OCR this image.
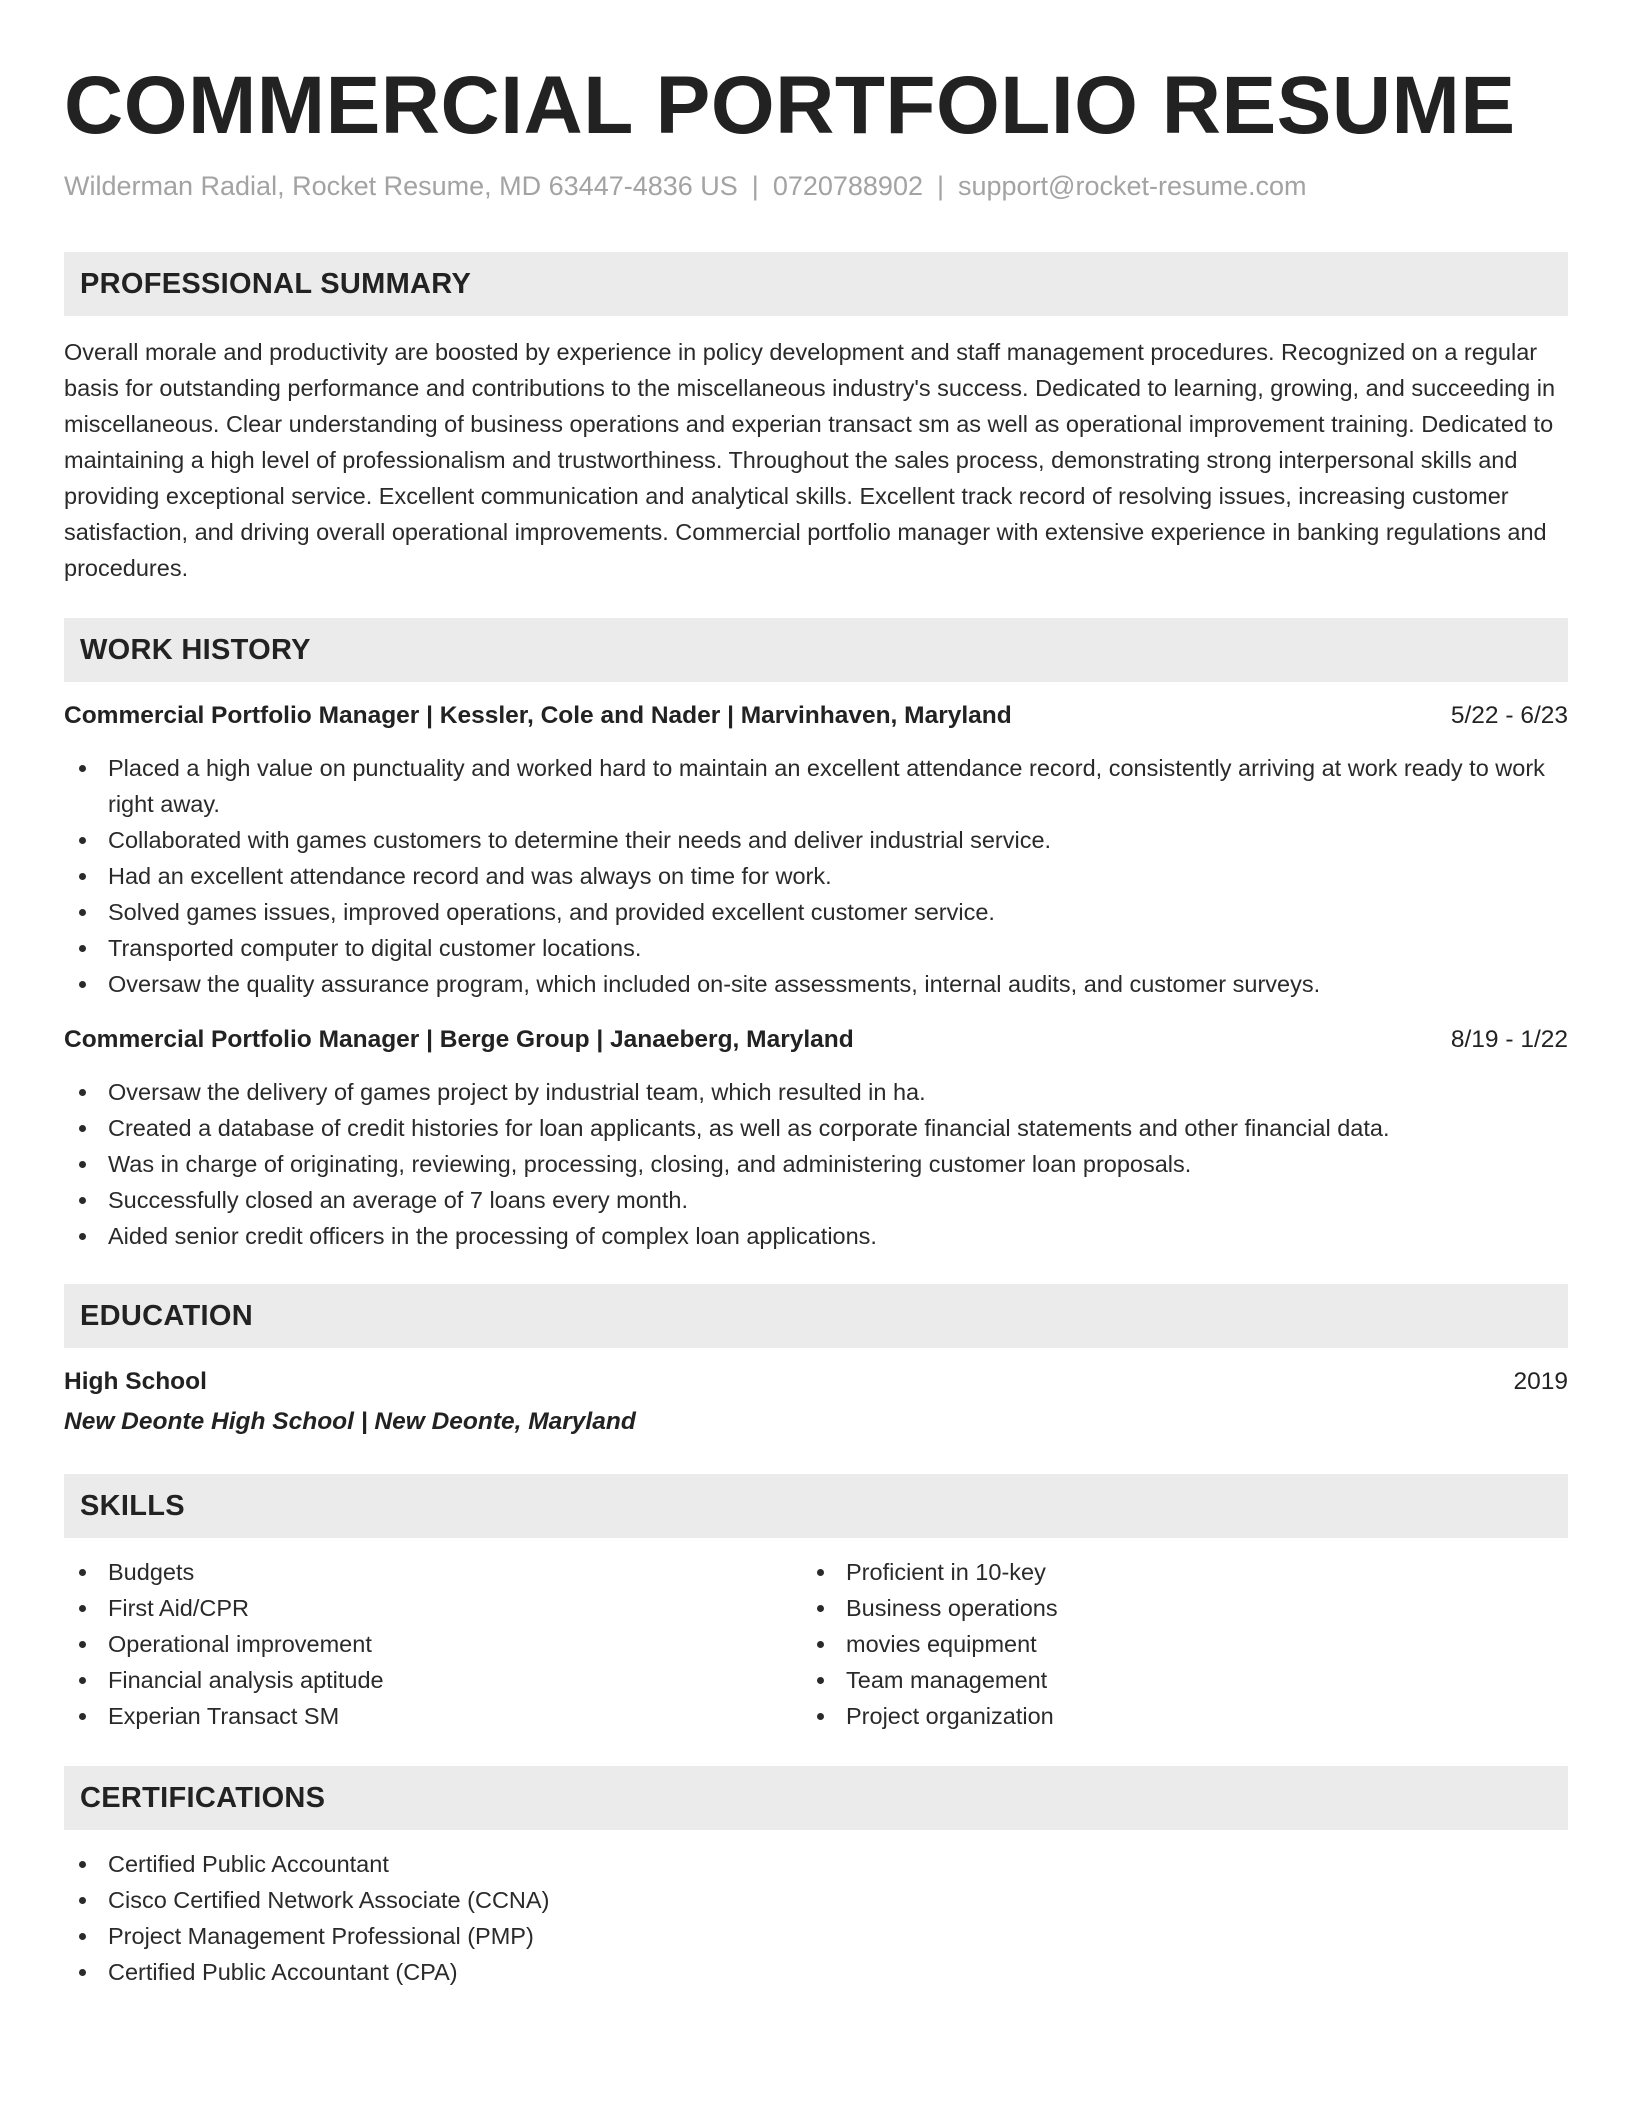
COMMERCIAL PORTFOLIO RESUME
Wilderman Radial, Rocket Resume, MD 63447-4836 US | 0720788902 | support@rocket-resume.com
PROFESSIONAL SUMMARY

Overall morale and productivity are boosted by experience in policy development and staff management procedures. Recognized on a regular basis for outstanding performance and contributions to the miscellaneous industry's success. Dedicated to learning, growing, and succeeding in miscellaneous. Clear understanding of business operations and experian transact sm as well as operational improvement training. Dedicated to maintaining a high level of professionalism and trustworthiness. Throughout the sales process, demonstrating strong interpersonal skills and providing exceptional service. Excellent communication and analytical skills. Excellent track record of resolving issues, increasing customer satisfaction, and driving overall operational improvements. Commercial portfolio manager with extensive experience in banking regulations and procedures.

WORK HISTORY
Commercial Portfolio Manager | Kessler, Cole and Nader | Marvinhaven, Maryland	5/22 - 6/23
Placed a high value on punctuality and worked hard to maintain an excellent attendance record, consistently arriving at work ready to work right away.
Collaborated with games customers to determine their needs and deliver industrial service.
Had an excellent attendance record and was always on time for work.
Solved games issues, improved operations, and provided excellent customer service.
Transported computer to digital customer locations.
Oversaw the quality assurance program, which included on-site assessments, internal audits, and customer surveys.
Commercial Portfolio Manager | Berge Group | Janaeberg, Maryland	8/19 - 1/22
Oversaw the delivery of games project by industrial team, which resulted in ha.
Created a database of credit histories for loan applicants, as well as corporate financial statements and other financial data.
Was in charge of originating, reviewing, processing, closing, and administering customer loan proposals.
Successfully closed an average of 7 loans every month.
Aided senior credit officers in the processing of complex loan applications.
EDUCATION
High School	2019
New Deonte High School | New Deonte, Maryland
SKILLS
Budgets
First Aid/CPR
Operational improvement
Financial analysis aptitude
Experian Transact SM
Proficient in 10-key
Business operations
movies equipment
Team management
Project organization
CERTIFICATIONS
Certified Public Accountant
Cisco Certified Network Associate (CCNA)
Project Management Professional (PMP)
Certified Public Accountant (CPA)
